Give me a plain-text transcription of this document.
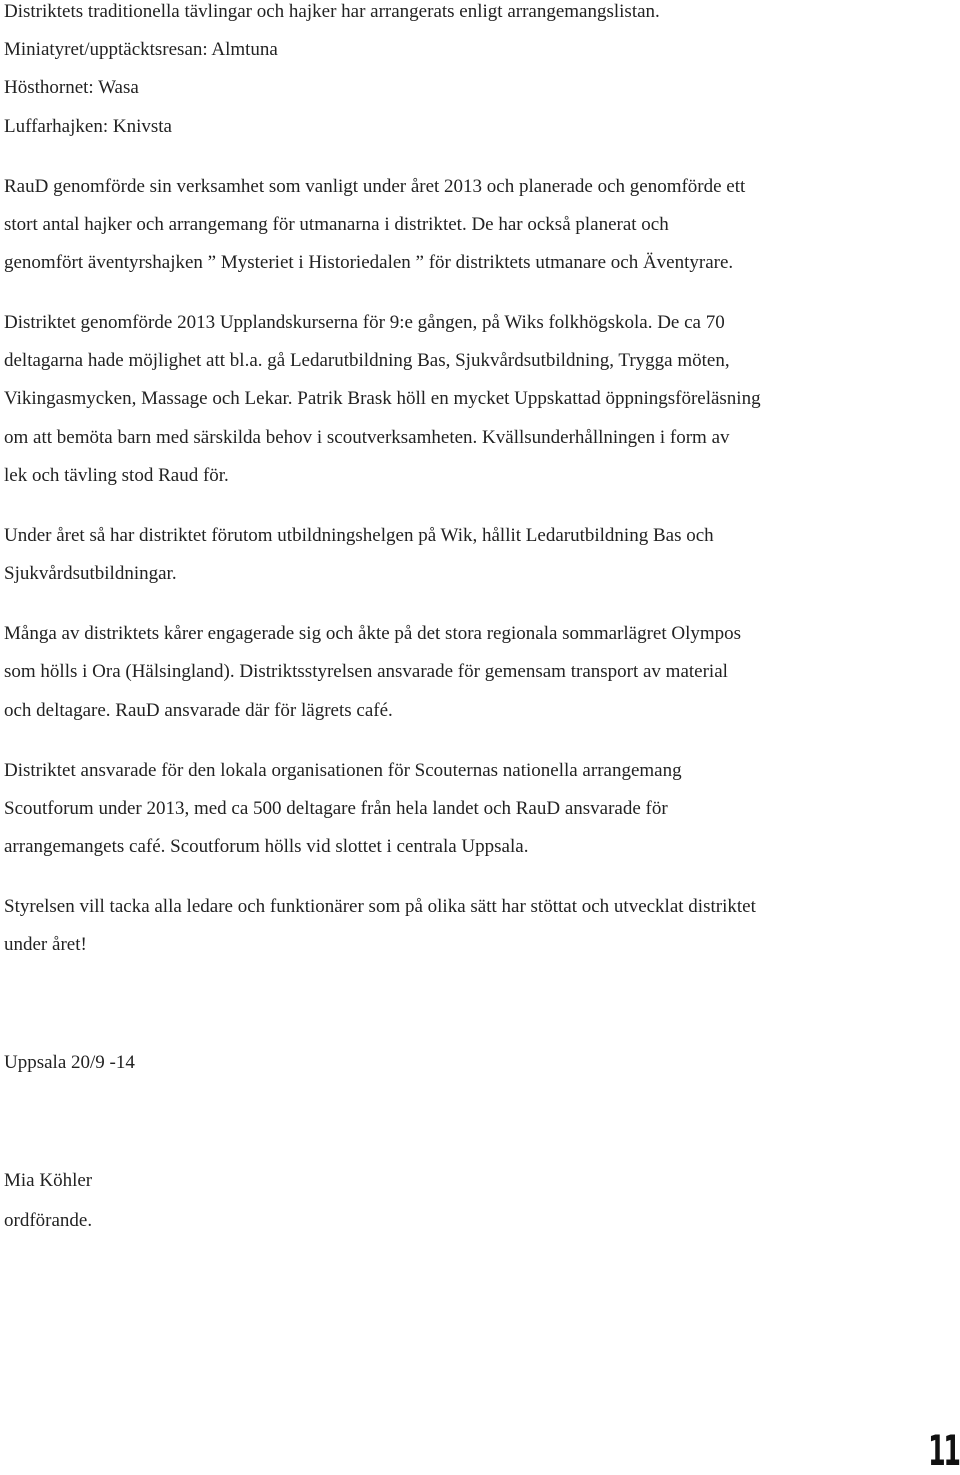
Distriktets traditionella tävlingar och hajker har arrangerats enligt arrangemangslistan.
Miniatyret/upptäcktsresan: Almtuna
Hösthornet: Wasa
Luffarhajken: Knivsta
RauD genomförde sin verksamhet som vanligt under året 2013 och planerade och genomförde ett
stort antal hajker och arrangemang för utmanarna i distriktet. De har också planerat och
genomfört äventyrshajken ” Mysteriet i Historiedalen ” för distriktets utmanare och Äventyrare.
Distriktet genomförde 2013 Upplandskurserna för 9:e gången, på Wiks folkhögskola. De ca 70
deltagarna hade möjlighet att bl.a. gå Ledarutbildning Bas, Sjukvårdsutbildning, Trygga möten,
Vikingasmycken, Massage och Lekar. Patrik Brask höll en mycket Uppskattad öppningsföreläsning
om att bemöta barn med särskilda behov i scoutverksamheten. Kvällsunderhållningen i form av
lek och tävling stod Raud för.
Under året så har distriktet förutom utbildningshelgen på Wik, hållit Ledarutbildning Bas och
Sjukvårdsutbildningar.
Många av distriktets kårer engagerade sig och åkte på det stora regionala sommarlägret Olympos
som hölls i Ora (Hälsingland). Distriktsstyrelsen ansvarade för gemensam transport av material
och deltagare. RauD ansvarade där för lägrets café.
Distriktet ansvarade för den lokala organisationen för Scouternas nationella arrangemang
Scoutforum under 2013, med ca 500 deltagare från hela landet och RauD ansvarade för
arrangemangets café. Scoutforum hölls vid slottet i centrala Uppsala.
Styrelsen vill tacka alla ledare och funktionärer som på olika sätt har stöttat och utvecklat distriktet
under året!
Uppsala 20/9 -14
Mia Köhler
ordförande.
11
